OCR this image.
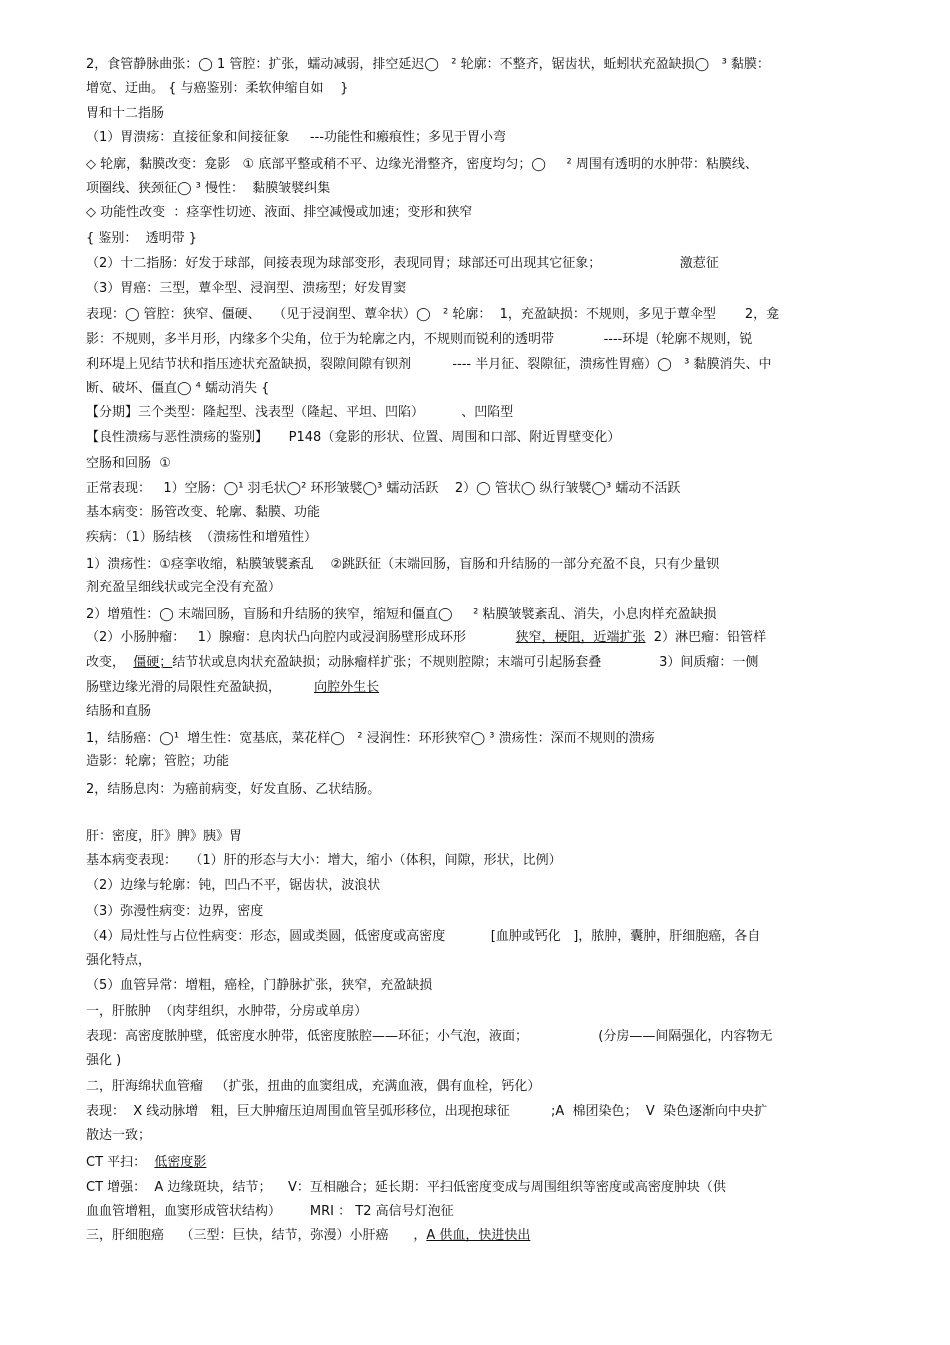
2，食管静脉曲张：◯ 1 管腔：扩张，蠕动减弱，排空延迟◯   ² 轮廓：不整齐，锯齿状，蚯蚓状充盈缺损◯   ³ 黏膜：
增宽、迂曲。 { 与癌鉴别：柔软伸缩自如    }
胃和十二指肠
（1）胃溃疡：直接征象和间接征象     ---功能性和瘢痕性；多见于胃小弯
◇ 轮廓，黏膜改变：龛影   ① 底部平整或稍不平、边缘光滑整齐，密度均匀；◯     ² 周围有透明的水肿带：粘膜线、
项圈线、狭颈征◯ ³ 慢性：  黏膜皱襞纠集
◇ 功能性改变  ：痉挛性切迹、液面、排空减慢或加速；变形和狭窄
{ 鉴别：  透明带 }
（2）十二指肠：好发于球部，间接表现为球部变形，表现同胃；球部还可出现其它征象；                   激惹征
（3）胃癌：三型，蕈伞型、浸润型、溃疡型；好发胃窦
表现：◯ 管腔：狭窄、僵硬、   （见于浸润型、蕈伞状）◯   ² 轮廓：  1，充盈缺损：不规则，多见于蕈伞型       2，龛
影：不规则，多半月形，内缘多个尖角，位于为轮廓之内，不规则而锐利的透明带            ----环堤（轮廓不规则，锐
利环堤上见结节状和指压迹状充盈缺损，裂隙间隙有钡剂          ---- 半月征、裂隙征，溃疡性胃癌）◯   ³ 黏膜消失、中
断、破坏、僵直◯ ⁴ 蠕动消失 {
【分期】三个类型：隆起型、浅表型（隆起、平坦、凹陷）         、凹陷型
【良性溃疡与恶性溃疡的鉴别】     P148（龛影的形状、位置、周围和口部、附近胃壁变化）
空肠和回肠  ①
正常表现：   1）空肠：◯¹ 羽毛状◯² 环形皱襞◯³ 蠕动活跃    2）◯ 管状◯ 纵行皱襞◯³ 蠕动不活跃
基本病变：肠管改变、轮廓、黏膜、功能
疾病：（1）肠结核  （溃疡性和增殖性）
1）溃疡性：①痉挛收缩，粘膜皱襞紊乱    ②跳跃征（末端回肠，盲肠和升结肠的一部分充盈不良，只有少量钡
剂充盈呈细线状或完全没有充盈）
2）增殖性：◯ 末端回肠，盲肠和升结肠的狭窄，缩短和僵直◯     ² 粘膜皱襞紊乱、消失，小息肉样充盈缺损
（2）小肠肿瘤：   1）腺瘤：息肉状凸向腔内或浸润肠壁形成环形            狭窄，梗阻，近端扩张  2）淋巴瘤：铅管样
改变，  僵硬；结节状或息肉状充盈缺损；动脉瘤样扩张；不规则腔隙；末端可引起肠套叠              3）间质瘤：一侧
肠壁边缘光滑的局限性充盈缺损，        向腔外生长
结肠和直肠
1，结肠癌：◯¹  增生性：宽基底，菜花样◯   ² 浸润性：环形狭窄◯ ³ 溃疡性：深而不规则的溃疡
造影：轮廓；管腔；功能
2，结肠息肉：为癌前病变，好发直肠、乙状结肠。
肝：密度，肝》脾》胰》胃
基本病变表现：   （1）肝的形态与大小：增大，缩小（体积，间隙，形状，比例）
（2）边缘与轮廓：钝，凹凸不平，锯齿状，波浪状
（3）弥漫性病变：边界，密度
（4）局灶性与占位性病变：形态，圆或类圆，低密度或高密度           [血肿或钙化   ]，脓肿，囊肿，肝细胞癌，各自
强化特点，
（5）血管异常：增粗，癌栓，门静脉扩张，狭窄，充盈缺损
一，肝脓肿  （肉芽组织，水肿带，分房或单房）
表现：高密度脓肿壁，低密度水肿带，低密度脓腔——环征；小气泡，液面；                 (分房——间隔强化，内容物无
强化 )
二，肝海绵状血管瘤   （扩张，扭曲的血窦组成，充满血液，偶有血栓，钙化）
表现：  X 线动脉增   粗，巨大肿瘤压迫周围血管呈弧形移位，出现抱球征          ;A  棉团染色；  V  染色逐渐向中央扩
散达一致；
CT 平扫：  低密度影
CT 增强：  A 边缘斑块，结节；    V：互相融合；延长期：平扫低密度变成与周围组织等密度或高密度肿块（供
血血管增粗，血窦形成管状结构）       MRI ： T2 高信号灯泡征
三，肝细胞癌    （三型：巨快，结节，弥漫）小肝癌      ，A 供血，快进快出
